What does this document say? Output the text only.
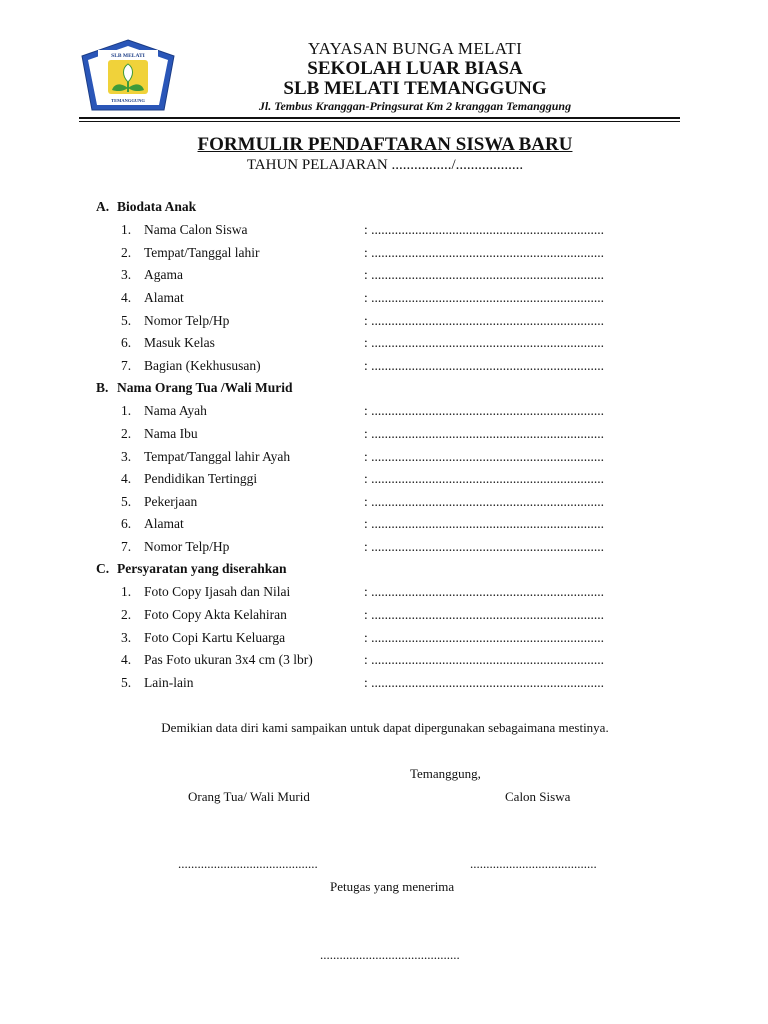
SLB MELATI
TEMANGGUNG
YAYASAN BUNGA MELATI
SEKOLAH LUAR BIASA
SLB MELATI TEMANGGUNG
Jl. Tembus Kranggan-Pringsurat Km 2 kranggan Temanggung
FORMULIR PENDAFTARAN SISWA BARU
TAHUN PELAJARAN ................/..................
A. Biodata Anak
1. Nama Calon Siswa	: .....................................................................
2. Tempat/Tanggal lahir	: .....................................................................
3. Agama	: .....................................................................
4. Alamat	: .....................................................................
5. Nomor Telp/Hp	: .....................................................................
6. Masuk Kelas	: .....................................................................
7. Bagian (Kekhususan)	: .....................................................................
B. Nama Orang Tua /Wali Murid
1. Nama Ayah	: .....................................................................
2. Nama Ibu	: .....................................................................
3. Tempat/Tanggal lahir Ayah	: .....................................................................
4. Pendidikan Tertinggi	: .....................................................................
5. Pekerjaan	: .....................................................................
6. Alamat	: .....................................................................
7. Nomor Telp/Hp	: .....................................................................
C. Persyaratan yang diserahkan
1. Foto Copy Ijasah dan Nilai	: .....................................................................
2. Foto Copy Akta Kelahiran	: .....................................................................
3. Foto Copi Kartu Keluarga	: .....................................................................
4. Pas Foto ukuran 3x4 cm (3 lbr)	: .....................................................................
5. Lain-lain	: .....................................................................
Demikian data diri kami sampaikan untuk dapat dipergunakan sebagaimana mestinya.
Temanggung,
Orang Tua/ Wali Murid	Calon Siswa
...........................................	.......................................
Petugas yang menerima
...........................................
